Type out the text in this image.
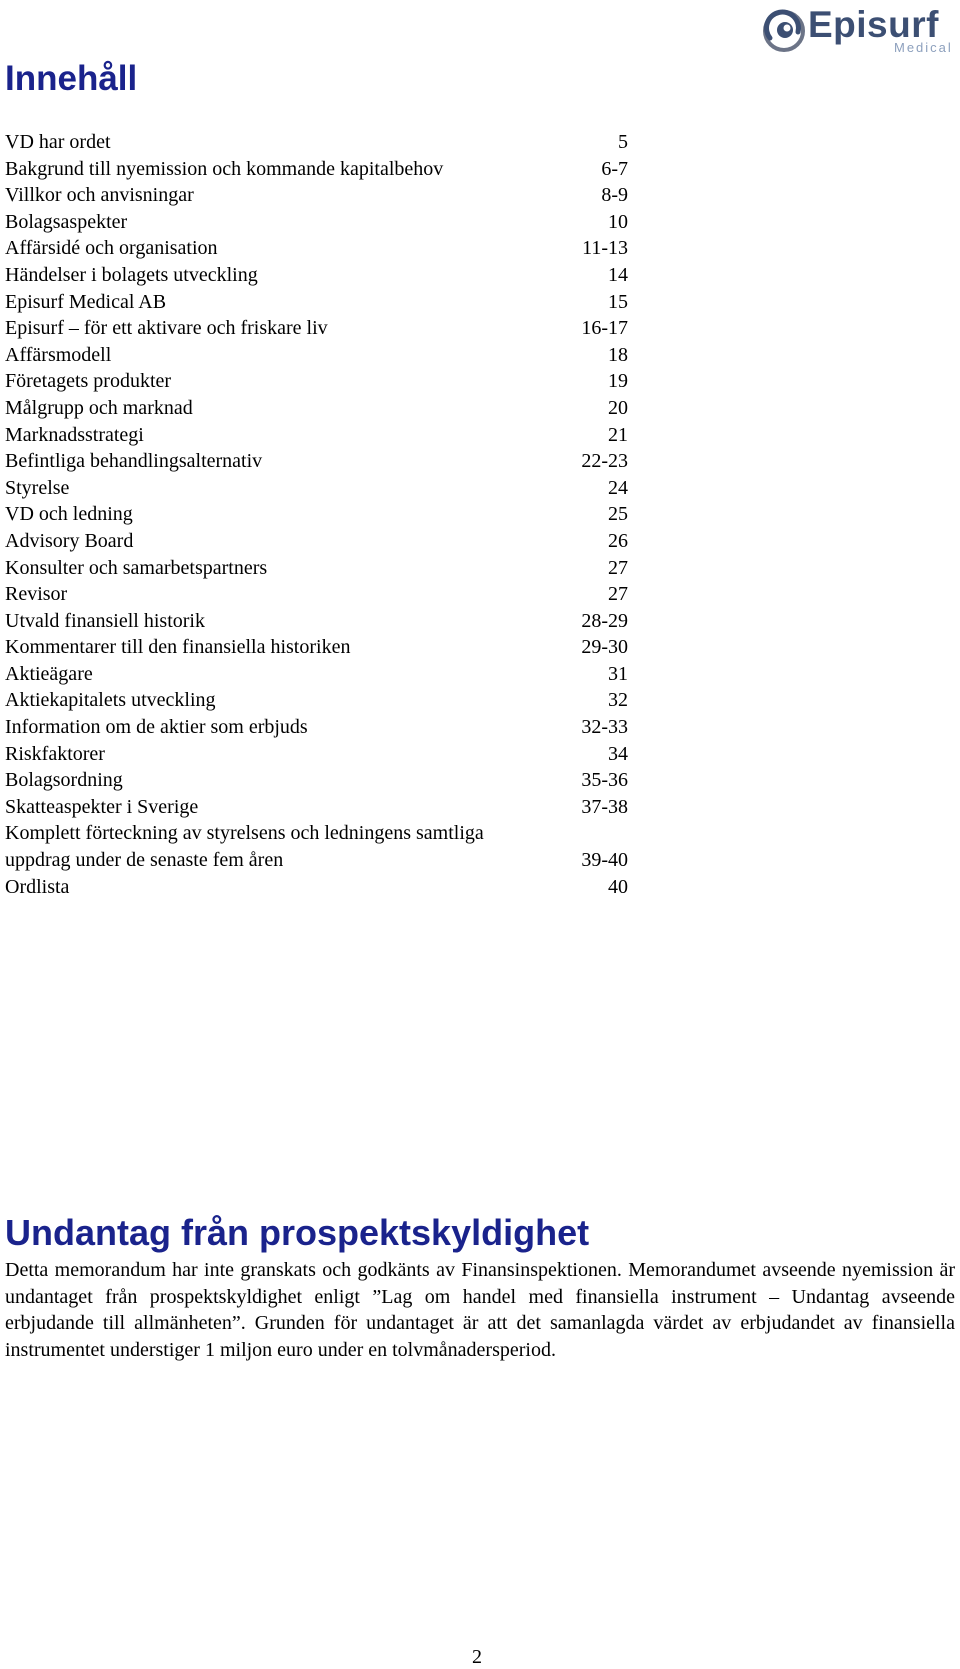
Episurf
Medical
Innehåll
VD har ordet	5
Bakgrund till nyemission och kommande kapitalbehov	6-7
Villkor och anvisningar	8-9
Bolagsaspekter	10
Affärsidé och organisation	11-13
Händelser i bolagets utveckling	14
Episurf Medical AB	15
Episurf – för ett aktivare och friskare liv	16-17
Affärsmodell	18
Företagets produkter	19
Målgrupp och marknad	20
Marknadsstrategi	21
Befintliga behandlingsalternativ	22-23
Styrelse	24
VD och ledning	25
Advisory Board	26
Konsulter och samarbetspartners	27
Revisor	27
Utvald finansiell historik	28-29
Kommentarer till den finansiella historiken	29-30
Aktieägare	31
Aktiekapitalets utveckling	32
Information om de aktier som erbjuds	32-33
Riskfaktorer	34
Bolagsordning	35-36
Skatteaspekter i Sverige	37-38
Komplett förteckning av styrelsens och ledningens samtliga uppdrag under de senaste fem åren	39-40
Ordlista	40
Undantag från prospektskyldighet

Detta memorandum har inte granskats och godkänts av Finansinspektionen. Memorandumet avseende nyemission är undantaget från prospektskyldighet enligt ”Lag om handel med finansiella instrument – Undantag avseende erbjudande till allmänheten”. Grunden för undantaget är att det samanlagda värdet av erbjudandet av finansiella instrumentet understiger 1 miljon euro under en tolvmånadersperiod.

2
